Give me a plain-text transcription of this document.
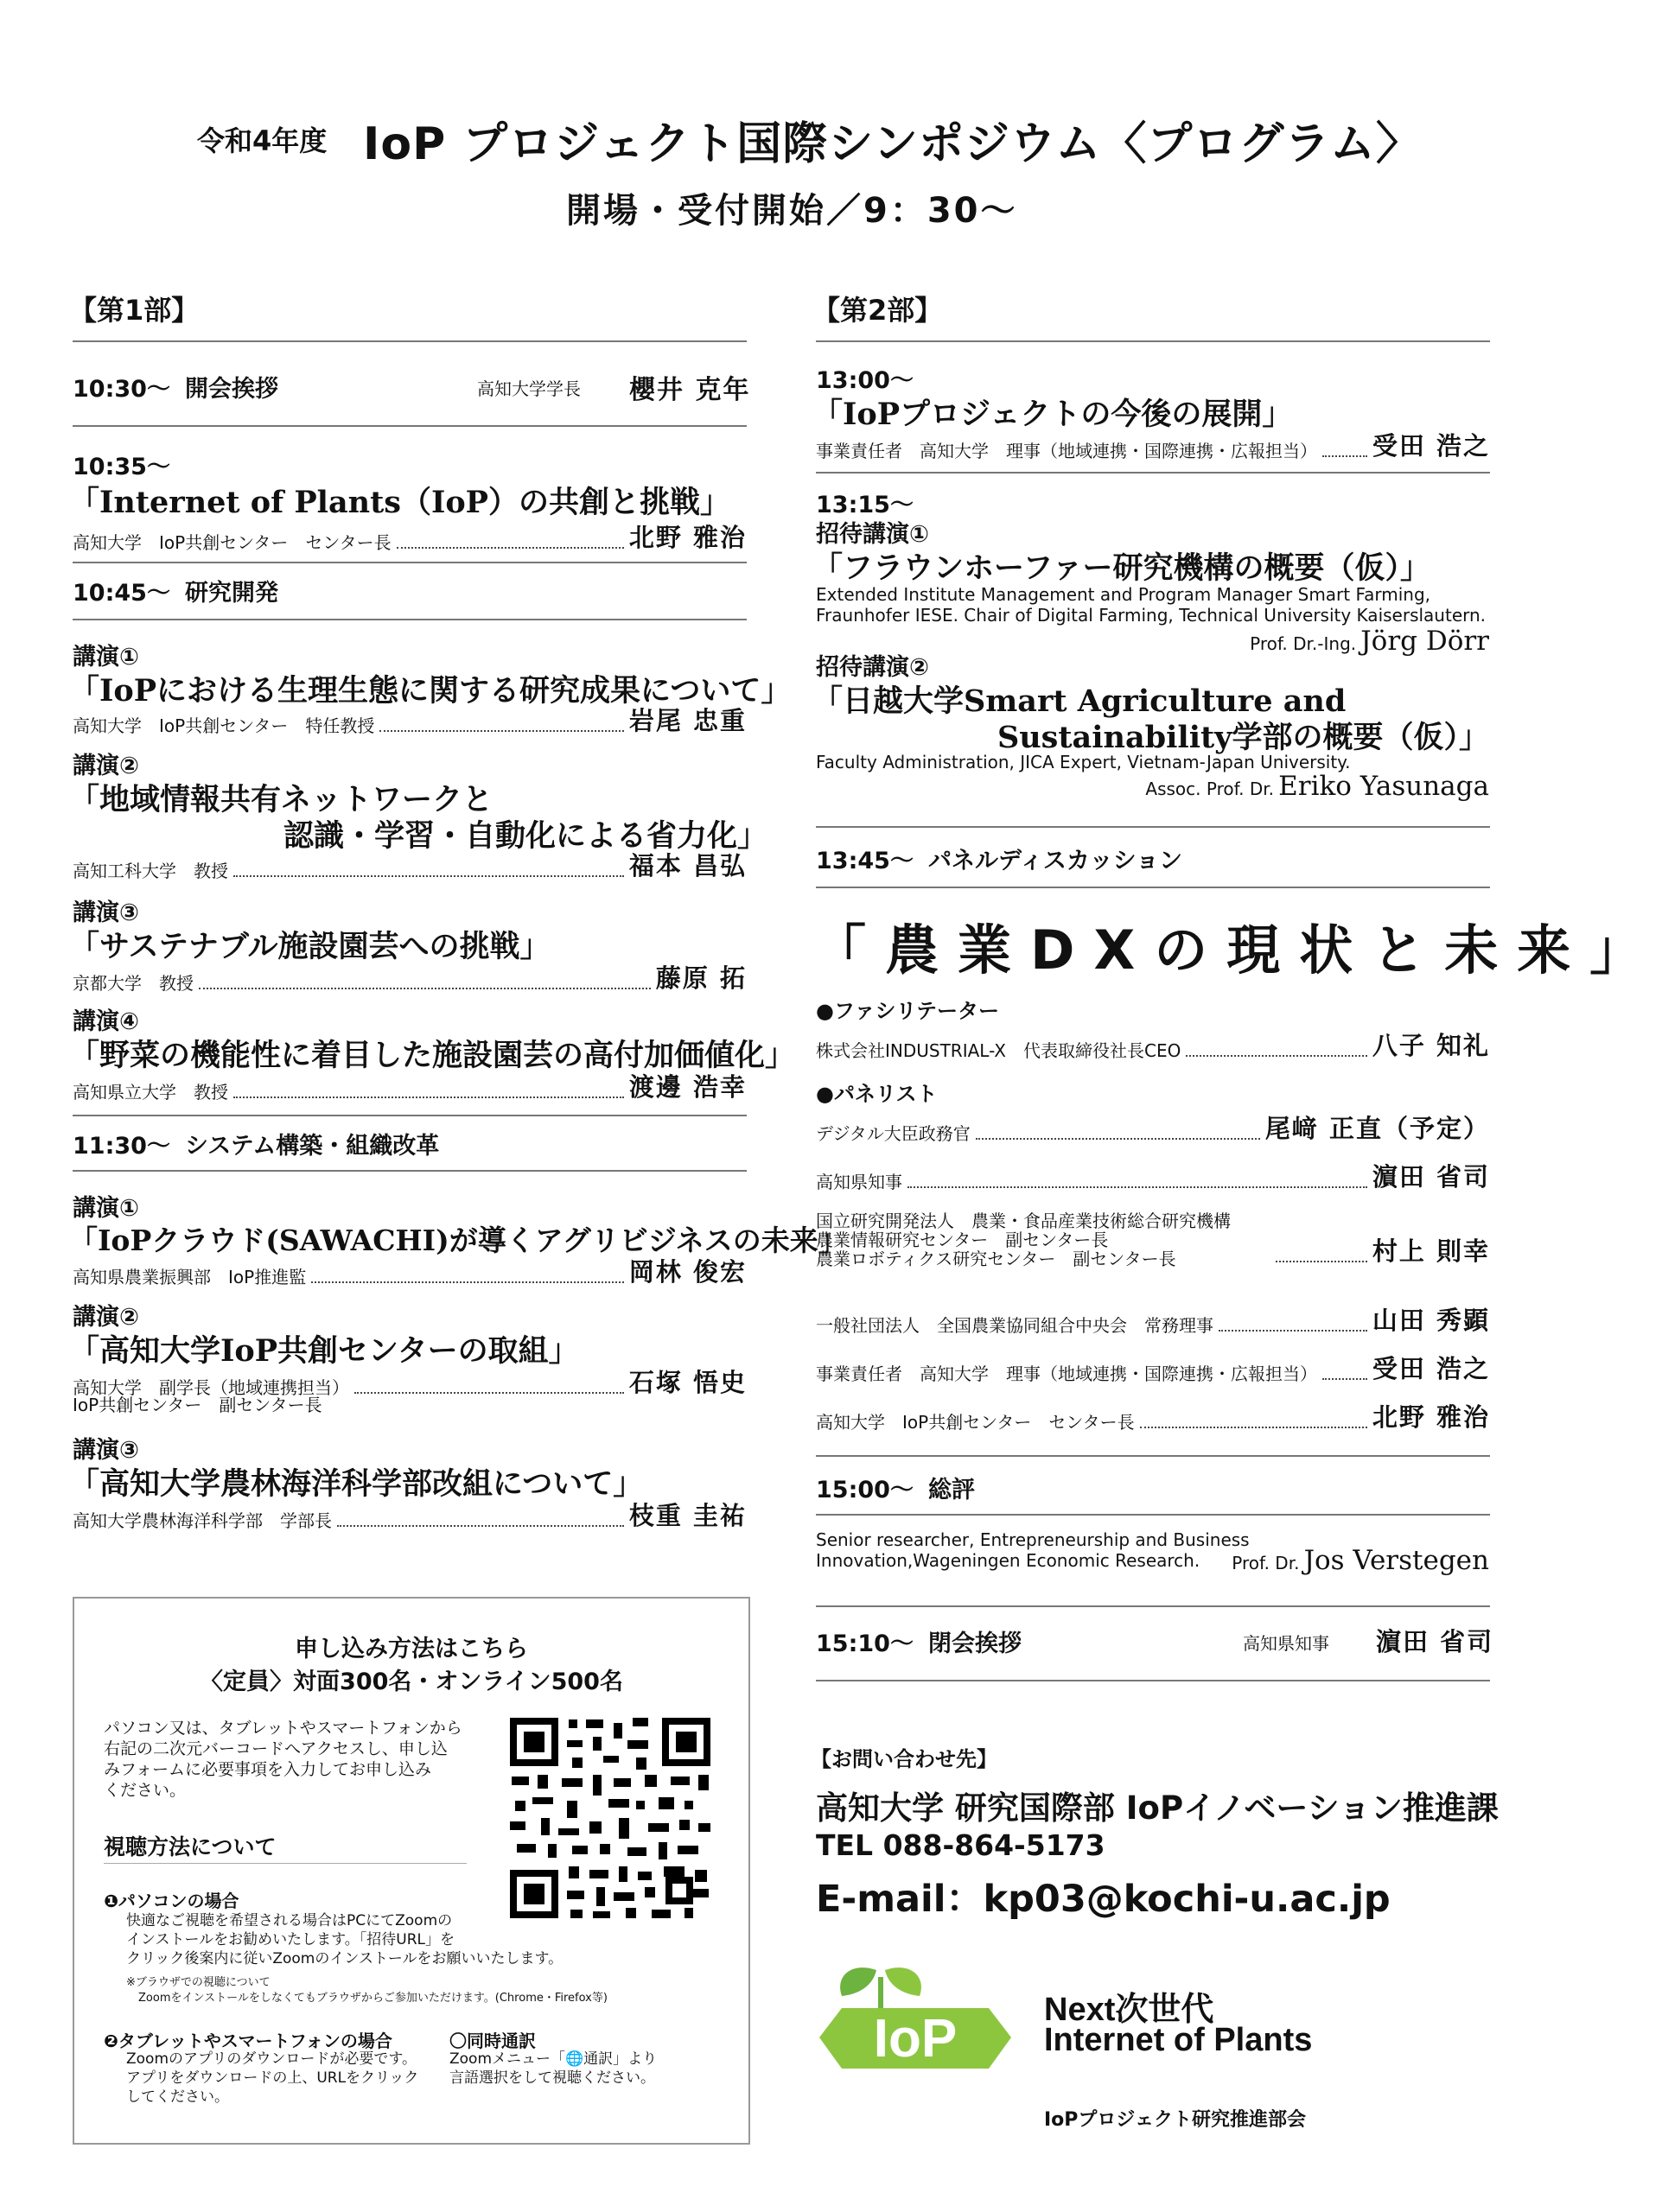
令和4年度 IoP プロジェクト国際シンポジウム〈プログラム〉
開場・受付開始／9：30～
【第1部】
10:30～ 開会挨拶	高知大学学長 櫻井 克年
10:35～
「Internet of Plants（IoP）の共創と挑戦」
高知大学　IoP共創センター　センター長	北野 雅治
10:45～ 研究開発
講演①
「IoPにおける生理生態に関する研究成果について」
高知大学　IoP共創センター　特任教授	岩尾 忠重
講演②
「地域情報共有ネットワークと
認識・学習・自動化による省力化」
高知工科大学　教授	福本 昌弘
講演③
「サステナブル施設園芸への挑戦」
京都大学　教授	藤原 拓
講演④
「野菜の機能性に着目した施設園芸の高付加価値化」
高知県立大学　教授	渡邊 浩幸
11:30～ システム構築・組織改革
講演①
「IoPクラウド(SAWACHI)が導くアグリビジネスの未来」
高知県農業振興部　IoP推進監	岡林 俊宏
講演②
「高知大学IoP共創センターの取組」
高知大学　副学長（地域連携担当）	石塚 悟史
IoP共創センター　副センター長
講演③
「高知大学農林海洋科学部改組について」
高知大学農林海洋科学部　学部長	枝重 圭祐
申し込み方法はこちら
〈定員〉対面300名・オンライン500名
パソコン又は、タブレットやスマートフォンから
右記の二次元バーコードへアクセスし、申し込
みフォームに必要事項を入力してお申し込み
ください。
視聴方法について
❶パソコンの場合
快適なご視聴を希望される場合はPCにてZoomの
インストールをお勧めいたします。「招待URL」を
クリック後案内に従いZoomのインストールをお願いいたします。
※ブラウザでの視聴について
Zoomをインストールをしなくてもブラウザからご参加いただけます。(Chrome・Firefox等)
❷タブレットやスマートフォンの場合
Zoomのアプリのダウンロードが必要です。
アプリをダウンロードの上、URLをクリック
してください。
〇同時通訳
Zoomメニュー「🌐通訳」より
言語選択をして視聴ください。
【第2部】
13:00～
「IoPプロジェクトの今後の展開」
事業責任者　高知大学　理事（地域連携・国際連携・広報担当） 受田 浩之
13:15～
招待講演①
「フラウンホーファー研究機構の概要（仮）」
Extended Institute Management and Program Manager Smart Farming,
Fraunhofer IESE. Chair of Digital Farming, Technical University Kaiserslautern.
Prof. Dr.-Ing. Jörg Dörr
招待講演②
「日越大学Smart Agriculture and
Sustainability学部の概要（仮）」
Faculty Administration, JICA Expert, Vietnam-Japan University.
Assoc. Prof. Dr. Eriko Yasunaga
13:45～ パネルディスカッション
「農業DXの現状と未来」
●ファシリテーター
株式会社INDUSTRIAL-X　代表取締役社長CEO	八子 知礼
●パネリスト
デジタル大臣政務官	尾﨑 正直（予定）
高知県知事	濵田 省司
国立研究開発法人　農業・食品産業技術総合研究機構
農業情報研究センター　副センター長
農業ロボティクス研究センター　副センター長	村上 則幸
一般社団法人　全国農業協同組合中央会　常務理事	山田 秀顕
事業責任者　高知大学　理事（地域連携・国際連携・広報担当） 受田 浩之
高知大学　IoP共創センター　センター長	北野 雅治
15:00～ 総評
Senior researcher, Entrepreneurship and Business
Innovation,Wageningen Economic Research. Prof. Dr. Jos Verstegen
15:10～ 閉会挨拶	高知県知事 濵田 省司
【お問い合わせ先】
高知大学 研究国際部 IoPイノベーション推進課
TEL 088-864-5173
E-mail：kp03@kochi-u.ac.jp
IoP	Next次世代
Internet of Plants
IoPプロジェクト研究推進部会
